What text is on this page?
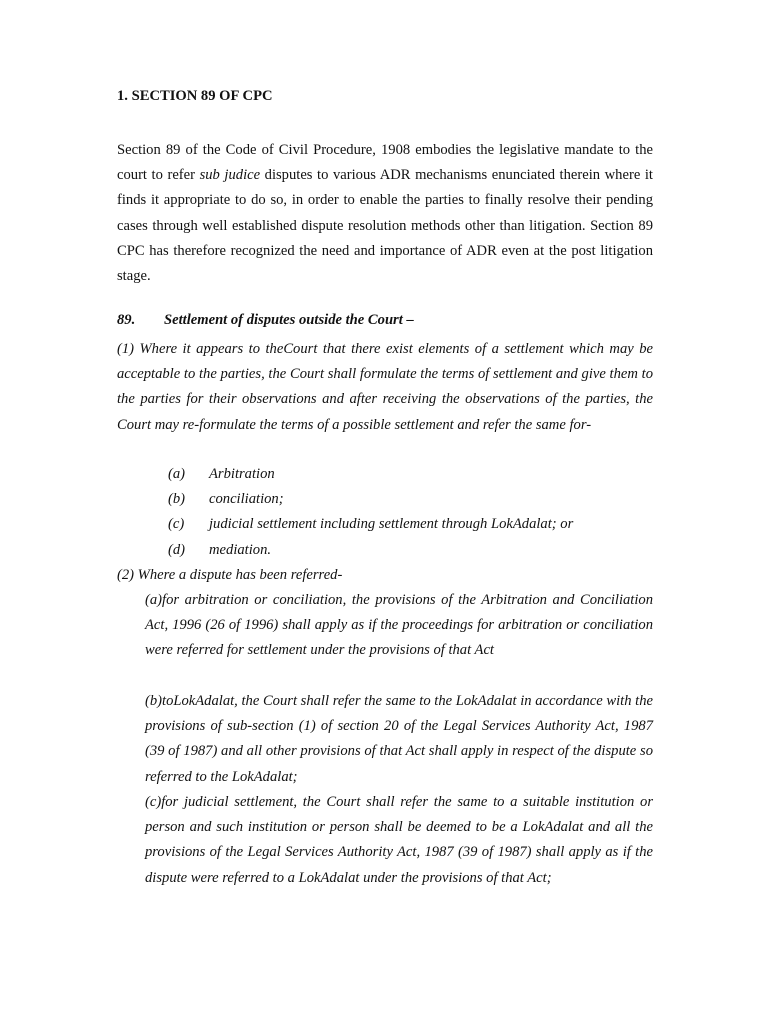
1. SECTION 89 OF CPC

Section 89 of the Code of Civil Procedure, 1908 embodies the legislative mandate to the court to refer sub judice disputes to various ADR mechanisms enunciated therein where it finds it appropriate to do so, in order to enable the parties to finally resolve their pending cases through well established dispute resolution methods other than litigation. Section 89 CPC has therefore recognized the need and importance of ADR even at the post litigation stage.

89. Settlement of disputes outside the Court –

(1) Where it appears to theCourt that there exist elements of a settlement which may be acceptable to the parties, the Court shall formulate the terms of settlement and give them to the parties for their observations and after receiving the observations of the parties, the Court may re-formulate the terms of a possible settlement and refer the same for-

(a) Arbitration
(b) conciliation;
(c) judicial settlement including settlement through LokAdalat; or
(d) mediation.

(2) Where a dispute has been referred-

(a)for arbitration or conciliation, the provisions of the Arbitration and Conciliation Act, 1996 (26 of 1996) shall apply as if the proceedings for arbitration or conciliation were referred for settlement under the provisions of that Act

(b)toLokAdalat, the Court shall refer the same to the LokAdalat in accordance with the provisions of sub-section (1) of section 20 of the Legal Services Authority Act, 1987 (39 of 1987) and all other provisions of that Act shall apply in respect of the dispute so referred to the LokAdalat;

(c)for judicial settlement, the Court shall refer the same to a suitable institution or person and such institution or person shall be deemed to be a LokAdalat and all the provisions of the Legal Services Authority Act, 1987 (39 of 1987) shall apply as if the dispute were referred to a LokAdalat under the provisions of that Act;
